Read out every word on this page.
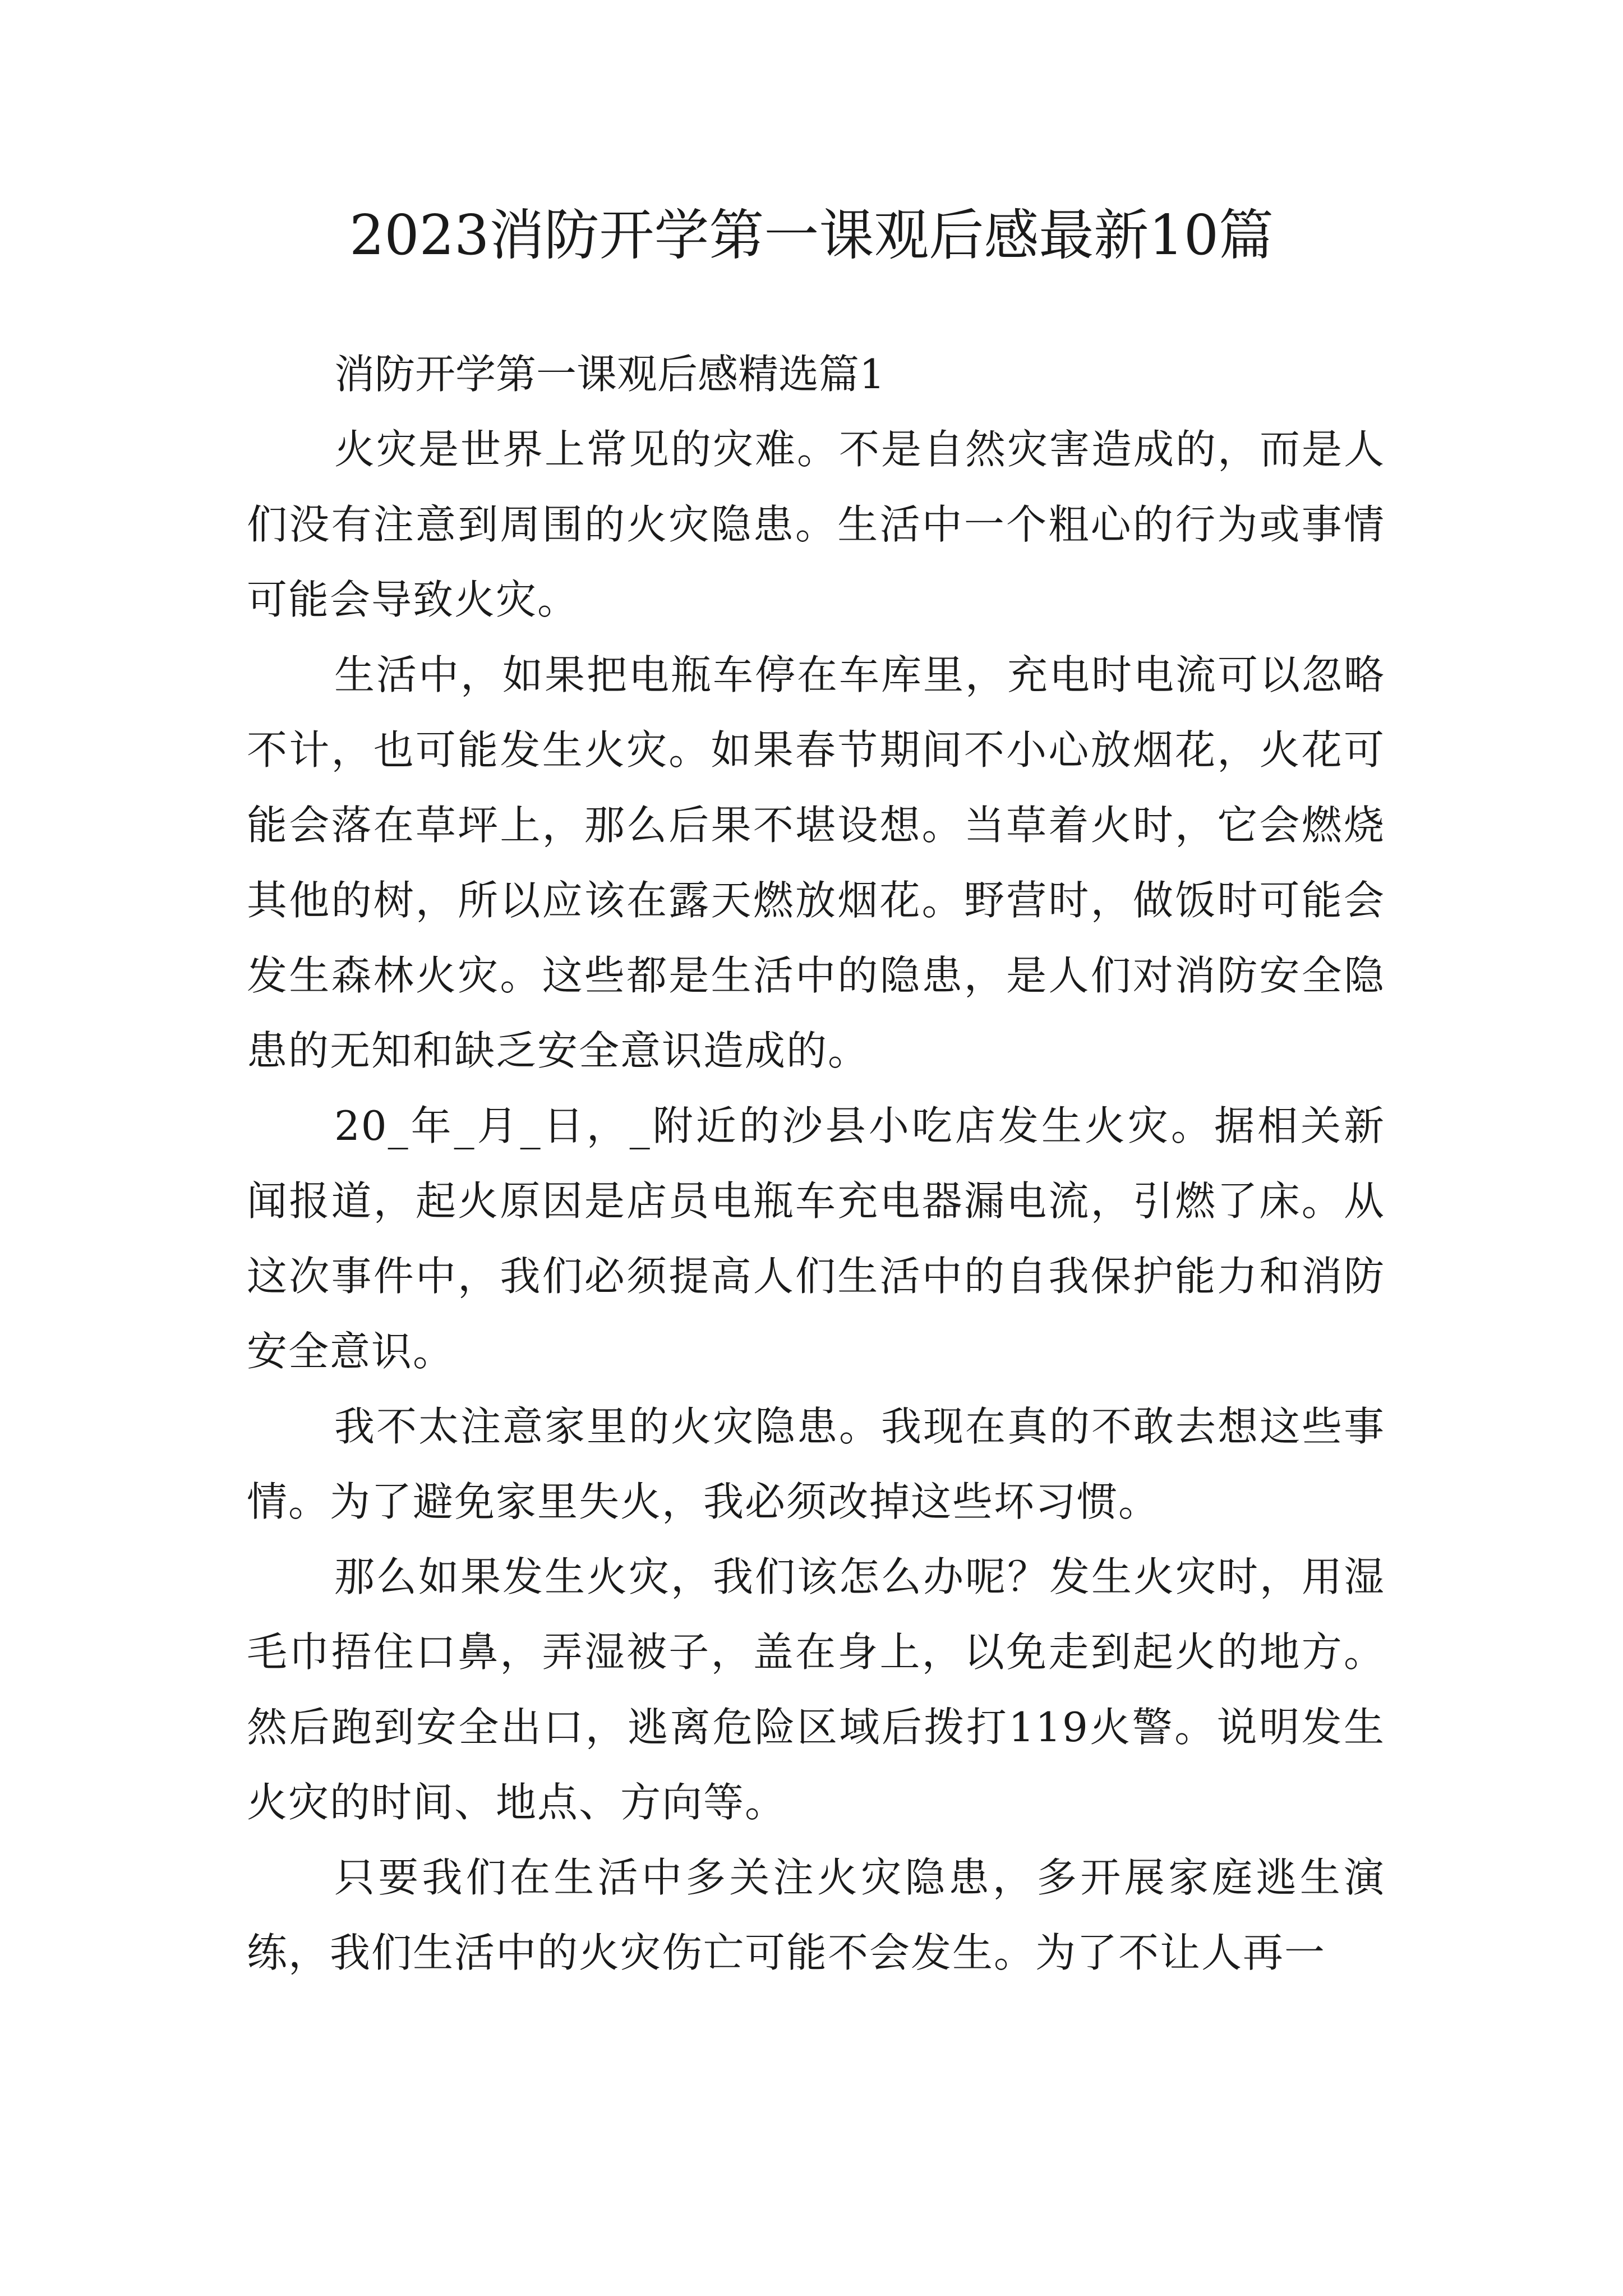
2023消防开学第一课观后感最新10篇

消防开学第一课观后感精选篇1

火灾是世界上常见的灾难。不是自然灾害造成的，而是人们没有注意到周围的火灾隐患。生活中一个粗心的行为或事情可能会导致火灾。

生活中，如果把电瓶车停在车库里，充电时电流可以忽略不计，也可能发生火灾。如果春节期间不小心放烟花，火花可能会落在草坪上，那么后果不堪设想。当草着火时，它会燃烧其他的树，所以应该在露天燃放烟花。野营时，做饭时可能会发生森林火灾。这些都是生活中的隐患，是人们对消防安全隐患的无知和缺乏安全意识造成的。

20_年_月_日，_附近的沙县小吃店发生火灾。据相关新闻报道，起火原因是店员电瓶车充电器漏电流，引燃了床。从这次事件中，我们必须提高人们生活中的自我保护能力和消防安全意识。

我不太注意家里的火灾隐患。我现在真的不敢去想这些事情。为了避免家里失火，我必须改掉这些坏习惯。

那么如果发生火灾，我们该怎么办呢？发生火灾时，用湿毛巾捂住口鼻，弄湿被子，盖在身上，以免走到起火的地方。然后跑到安全出口，逃离危险区域后拨打119火警。说明发生火灾的时间、地点、方向等。

只要我们在生活中多关注火灾隐患，多开展家庭逃生演练，我们生活中的火灾伤亡可能不会发生。为了不让人再一
